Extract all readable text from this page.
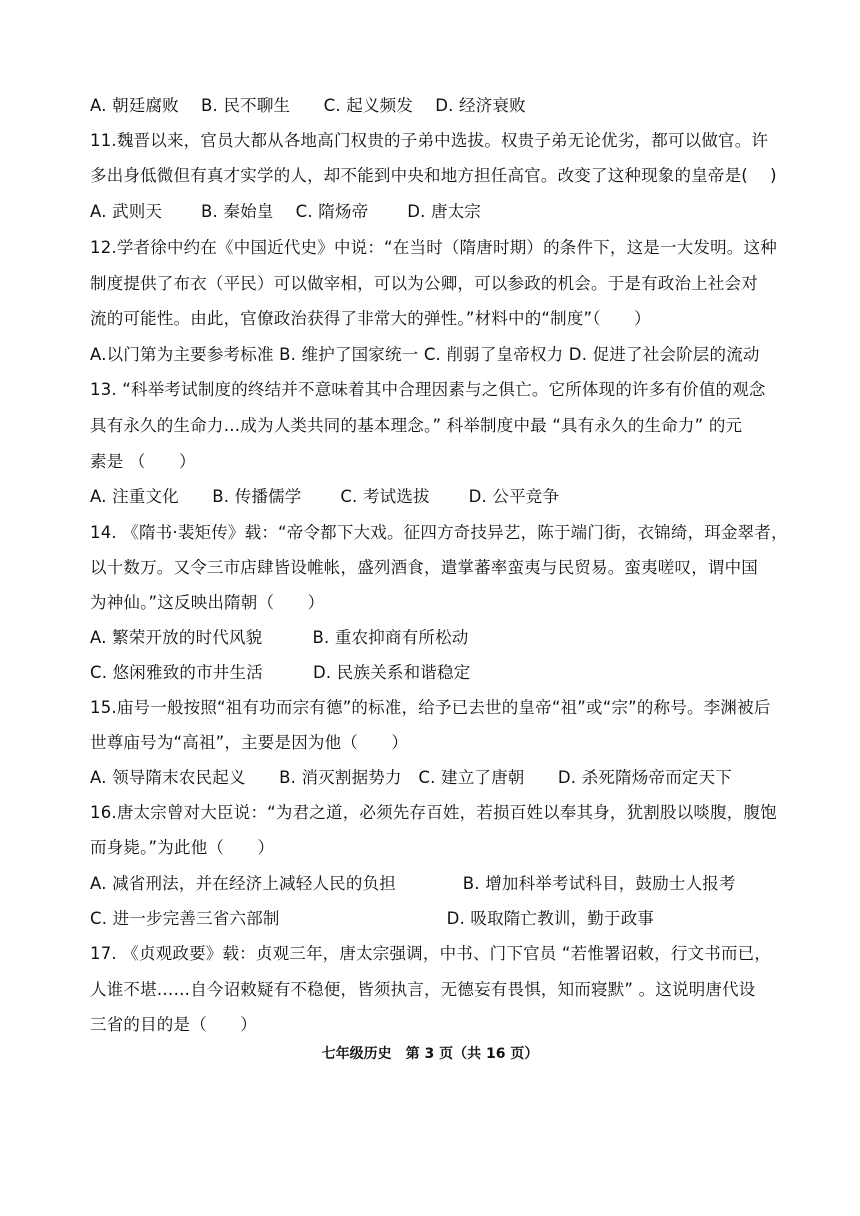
A. 朝廷腐败　 B. 民不聊生　　C. 起义频发　 D. 经济衰败
11.魏晋以来，官员大都从各地高门权贵的子弟中选拔。权贵子弟无论优劣，都可以做官。许
多出身低微但有真才实学的人，却不能到中央和地方担任高官。改变了这种现象的皇帝是(　 )
A. 武则天　　 B. 秦始皇　 C. 隋炀帝　　 D. 唐太宗
12.学者徐中约在《中国近代史》中说：“在当时（隋唐时期）的条件下，这是一大发明。这种
制度提供了布衣（平民）可以做宰相，可以为公卿，可以参政的机会。于是有政治上社会对
流的可能性。由此，官僚政治获得了非常大的弹性。”材料中的“制度”（　　）
A.以门第为主要参考标准 B. 维护了国家统一 C. 削弱了皇帝权力 D. 促进了社会阶层的流动
13. “科举考试制度的终结并不意味着其中合理因素与之俱亡。它所体现的许多有价值的观念
具有永久的生命力…成为人类共同的基本理念。” 科举制度中最 “具有永久的生命力” 的元
素是 （　　）
A. 注重文化　　B. 传播儒学　　 C. 考试选拔　　 D. 公平竞争
14. 《隋书·裴矩传》载：“帝令都下大戏。征四方奇技异艺，陈于端门街，衣锦绮，珥金翠者，
以十数万。又令三市店肆皆设帷帐，盛列酒食，遣掌蕃率蛮夷与民贸易。蛮夷嗟叹，谓中国
为神仙。”这反映出隋朝（　　）
A. 繁荣开放的时代风貌　　　B. 重农抑商有所松动
C. 悠闲雅致的市井生活　　　D. 民族关系和谐稳定
15.庙号一般按照“祖有功而宗有德”的标准，给予已去世的皇帝“祖”或“宗”的称号。李渊被后
世尊庙号为“高祖”，主要是因为他（　　）
A. 领导隋末农民起义　　B. 消灭割据势力　C. 建立了唐朝　　D. 杀死隋炀帝而定天下
16.唐太宗曾对大臣说：“为君之道，必须先存百姓，若损百姓以奉其身，犹割股以啖腹，腹饱
而身毙。”为此他（　　）
A. 减省刑法，并在经济上减轻人民的负担　　　　B. 增加科举考试科目，鼓励士人报考
C. 进一步完善三省六部制　　　　　　　　　　D. 吸取隋亡教训，勤于政事
17. 《贞观政要》载：贞观三年，唐太宗强调，中书、门下官员 “若惟署诏敕，行文书而已，
人谁不堪……自今诏敕疑有不稳便，皆须执言，无德妄有畏惧，知而寝默” 。这说明唐代设
三省的目的是（　　）
七年级历史　第 3 页（共 16 页）
